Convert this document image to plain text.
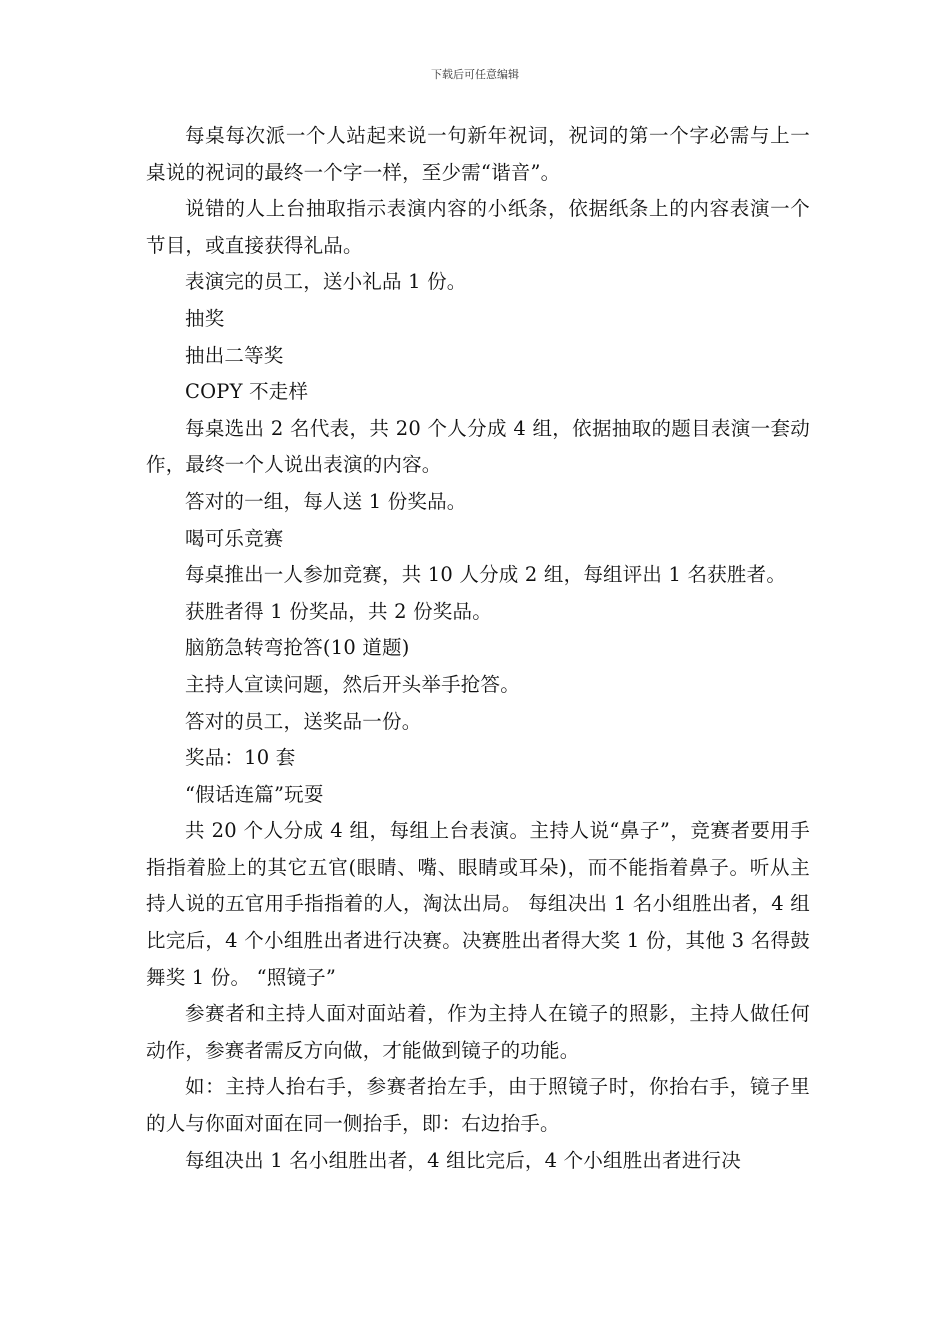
下载后可任意编辑

每桌每次派一个人站起来说一句新年祝词，祝词的第一个字必需与上一桌说的祝词的最终一个字一样，至少需“谐音”。

说错的人上台抽取指示表演内容的小纸条，依据纸条上的内容表演一个节目，或直接获得礼品。

表演完的员工，送小礼品 1 份。

抽奖

抽出二等奖

COPY 不走样

每桌选出 2 名代表，共 20 个人分成 4 组，依据抽取的题目表演一套动作，最终一个人说出表演的内容。

答对的一组，每人送 1 份奖品。

喝可乐竞赛

每桌推出一人参加竞赛，共 10 人分成 2 组，每组评出 1 名获胜者。

获胜者得 1 份奖品，共 2 份奖品。

脑筋急转弯抢答(10 道题)

主持人宣读问题，然后开头举手抢答。

答对的员工，送奖品一份。

奖品：10 套

“假话连篇”玩耍

共 20 个人分成 4 组，每组上台表演。主持人说“鼻子”，竞赛者要用手指指着脸上的其它五官(眼睛、嘴、眼睛或耳朵)，而不能指着鼻子。听从主持人说的五官用手指指着的人，淘汰出局。 每组决出 1 名小组胜出者，4 组比完后，4 个小组胜出者进行决赛。决赛胜出者得大奖 1 份，其他 3 名得鼓舞奖 1 份。 “照镜子”

参赛者和主持人面对面站着，作为主持人在镜子的照影，主持人做任何动作，参赛者需反方向做，才能做到镜子的功能。

如：主持人抬右手，参赛者抬左手，由于照镜子时，你抬右手，镜子里的人与你面对面在同一侧抬手，即：右边抬手。

每组决出 1 名小组胜出者，4 组比完后，4 个小组胜出者进行决
